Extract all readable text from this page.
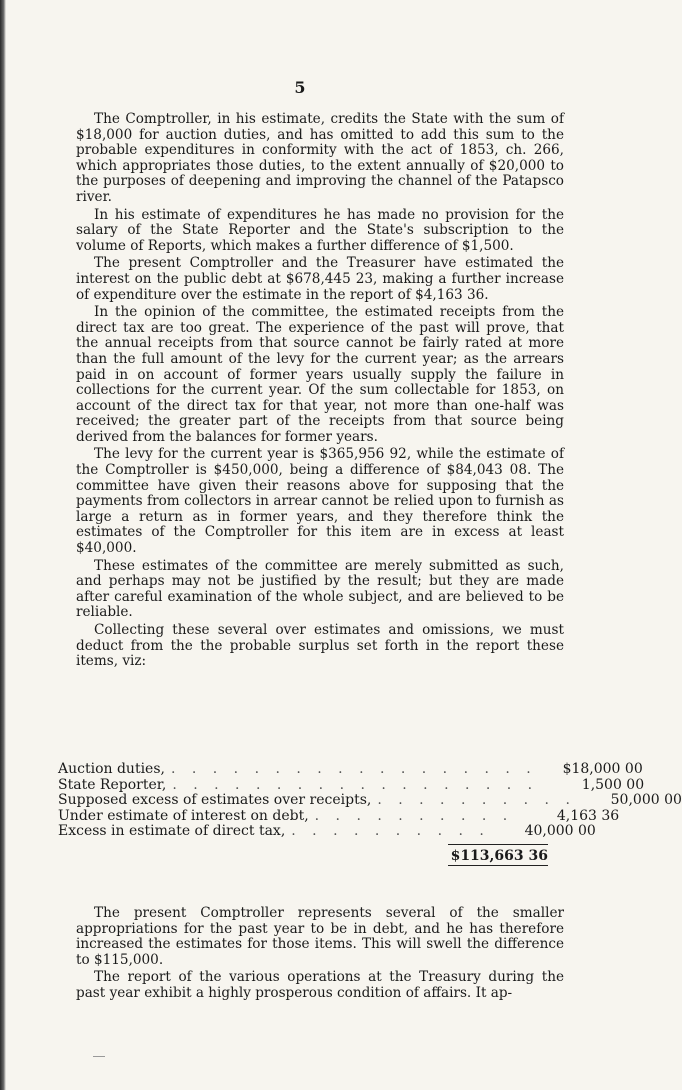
5

The Comptroller, in his estimate, credits the State with the sum of $18,000 for auction duties, and has omitted to add this sum to the probable expenditures in conformity with the act of 1853, ch. 266, which appropriates those duties, to the extent annually of $20,000 to the purposes of deepening and improving the channel of the Patapsco river.

In his estimate of expenditures he has made no provision for the salary of the State Reporter and the State's subscription to the volume of Reports, which makes a further difference of $1,500.

The present Comptroller and the Treasurer have estimated the interest on the public debt at $678,445 23, making a further increase of expenditure over the estimate in the report of $4,163 36.

In the opinion of the committee, the estimated receipts from the direct tax are too great. The experience of the past will prove, that the annual receipts from that source cannot be fairly rated at more than the full amount of the levy for the current year; as the arrears paid in on account of former years usually supply the failure in collections for the current year. Of the sum collectable for 1853, on account of the direct tax for that year, not more than one-half was received; the greater part of the receipts from that source being derived from the balances for former years.

The levy for the current year is $365,956 92, while the estimate of the Comptroller is $450,000, being a difference of $84,043 08. The committee have given their reasons above for supposing that the payments from collectors in arrear cannot be relied upon to furnish as large a return as in former years, and they therefore think the estimates of the Comptroller for this item are in excess at least $40,000.

These estimates of the committee are merely submitted as such, and perhaps may not be justified by the result; but they are made after careful examination of the whole subject, and are believed to be reliable.

Collecting these several over estimates and omissions, we must deduct from the the probable surplus set forth in the report these items, viz:

Auction duties, . . . . . . . . . . . . . . . . . .	$18,000 00
State Reporter, . . . . . . . . . . . . . . . . . .	1,500 00
Supposed excess of estimates over receipts, . . . . . . . . . .	50,000 00
Under estimate of interest on debt, . . . . . . . . . .	4,163 36
Excess in estimate of direct tax, . . . . . . . . . .	40,000 00
$113,663 36

The present Comptroller represents several of the smaller appropriations for the past year to be in debt, and he has therefore increased the estimates for those items. This will swell the difference to $115,000.

The report of the various operations at the Treasury during the past year exhibit a highly prosperous condition of affairs. It ap-
